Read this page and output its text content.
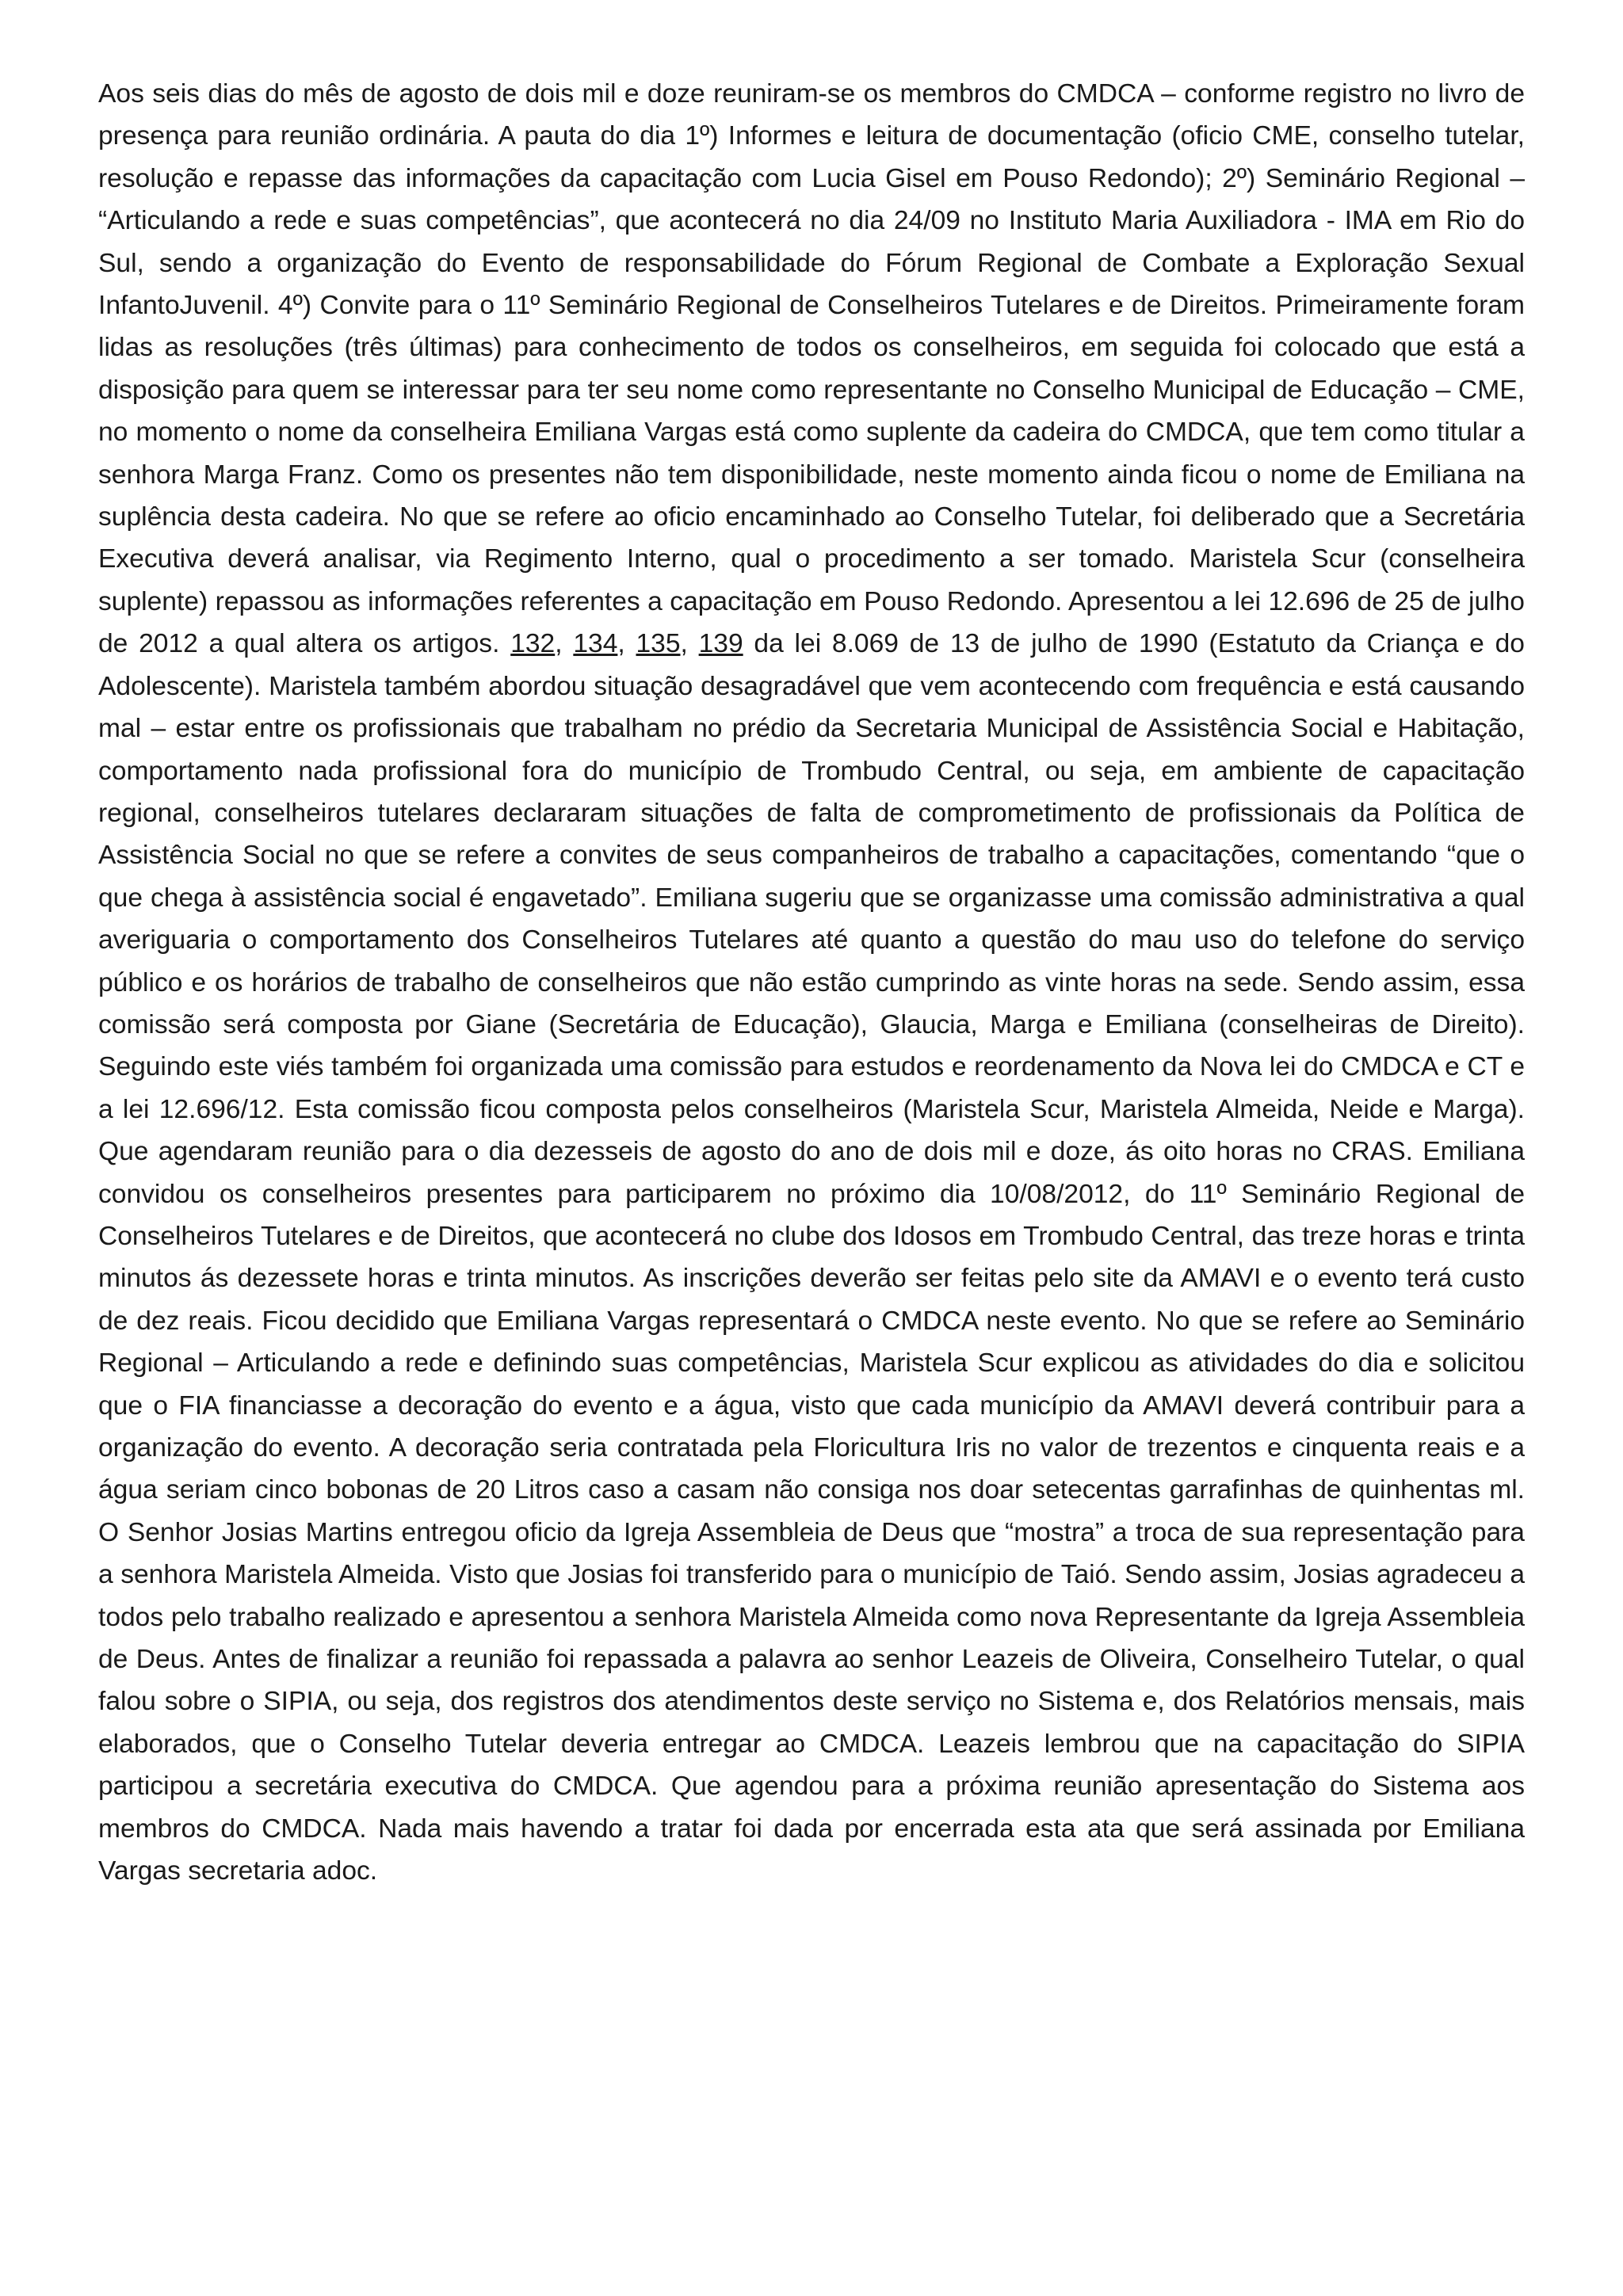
Aos seis dias do mês de agosto de dois mil e doze reuniram-se os membros do CMDCA – conforme registro no livro de presença para reunião ordinária. A pauta do dia 1º) Informes e leitura de documentação (oficio CME, conselho tutelar, resolução e repasse das informações da capacitação com Lucia Gisel em Pouso Redondo); 2º) Seminário Regional – “Articulando a rede e suas competências”, que acontecerá no dia 24/09 no Instituto Maria Auxiliadora - IMA em Rio do Sul, sendo a organização do Evento de responsabilidade do Fórum Regional de Combate a Exploração Sexual InfantoJuvenil. 4º) Convite para o 11º Seminário Regional de Conselheiros Tutelares e de Direitos. Primeiramente foram lidas as resoluções (três últimas) para conhecimento de todos os conselheiros, em seguida foi colocado que está a disposição para quem se interessar para ter seu nome como representante no Conselho Municipal de Educação – CME, no momento o nome da conselheira Emiliana Vargas está como suplente da cadeira do CMDCA, que tem como titular a senhora Marga Franz. Como os presentes não tem disponibilidade, neste momento ainda ficou o nome de Emiliana na suplência desta cadeira. No que se refere ao oficio encaminhado ao Conselho Tutelar, foi deliberado que a Secretária Executiva deverá analisar, via Regimento Interno, qual o procedimento a ser tomado. Maristela Scur (conselheira suplente) repassou as informações referentes a capacitação em Pouso Redondo. Apresentou a lei 12.696 de 25 de julho de 2012 a qual altera os artigos. 132, 134, 135, 139 da lei 8.069 de 13 de julho de 1990 (Estatuto da Criança e do Adolescente). Maristela também abordou situação desagradável que vem acontecendo com frequência e está causando mal – estar entre os profissionais que trabalham no prédio da Secretaria Municipal de Assistência Social e Habitação, comportamento nada profissional fora do município de Trombudo Central, ou seja, em ambiente de capacitação regional, conselheiros tutelares declararam situações de falta de comprometimento de profissionais da Política de Assistência Social no que se refere a convites de seus companheiros de trabalho a capacitações, comentando “que o que chega à assistência social é engavetado”. Emiliana sugeriu que se organizasse uma comissão administrativa a qual averiguaria o comportamento dos Conselheiros Tutelares até quanto a questão do mau uso do telefone do serviço público e os horários de trabalho de conselheiros que não estão cumprindo as vinte horas na sede. Sendo assim, essa comissão será composta por Giane (Secretária de Educação), Glaucia, Marga e Emiliana (conselheiras de Direito). Seguindo este viés também foi organizada uma comissão para estudos e reordenamento da Nova lei do CMDCA e CT e a lei 12.696/12. Esta comissão ficou composta pelos conselheiros (Maristela Scur, Maristela Almeida, Neide e Marga). Que agendaram reunião para o dia dezesseis de agosto do ano de dois mil e doze, ás oito horas no CRAS. Emiliana convidou os conselheiros presentes para participarem no próximo dia 10/08/2012, do 11º Seminário Regional de Conselheiros Tutelares e de Direitos, que acontecerá no clube dos Idosos em Trombudo Central, das treze horas e trinta minutos ás dezessete horas e trinta minutos. As inscrições deverão ser feitas pelo site da AMAVI e o evento terá custo de dez reais. Ficou decidido que Emiliana Vargas representará o CMDCA neste evento. No que se refere ao Seminário Regional – Articulando a rede e definindo suas competências, Maristela Scur explicou as atividades do dia e solicitou que o FIA financiasse a decoração do evento e a água, visto que cada município da AMAVI deverá contribuir para a organização do evento. A decoração seria contratada pela Floricultura Iris no valor de trezentos e cinquenta reais e a água seriam cinco bobonas de 20 Litros caso a casam não consiga nos doar setecentas garrafinhas de quinhentas ml. O Senhor Josias Martins entregou oficio da Igreja Assembleia de Deus que “mostra” a troca de sua representação para a senhora Maristela Almeida. Visto que Josias foi transferido para o município de Taió. Sendo assim, Josias agradeceu a todos pelo trabalho realizado e apresentou a senhora Maristela Almeida como nova Representante da Igreja Assembleia de Deus. Antes de finalizar a reunião foi repassada a palavra ao senhor Leazeis de Oliveira, Conselheiro Tutelar, o qual falou sobre o SIPIA, ou seja, dos registros dos atendimentos deste serviço no Sistema e, dos Relatórios mensais, mais elaborados, que o Conselho Tutelar deveria entregar ao CMDCA. Leazeis lembrou que na capacitação do SIPIA participou a secretária executiva do CMDCA. Que agendou para a próxima reunião apresentação do Sistema aos membros do CMDCA. Nada mais havendo a tratar foi dada por encerrada esta ata que será assinada por Emiliana Vargas secretaria adoc.
